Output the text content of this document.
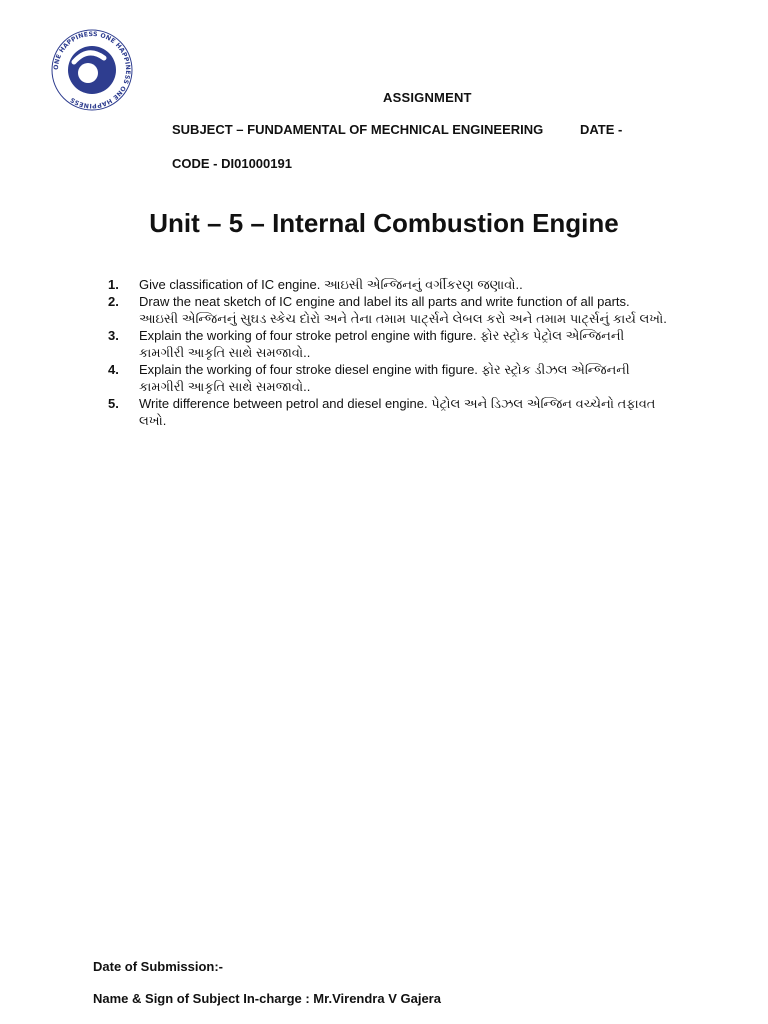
ONE HAPPINESS ONE HAPPINESS ONE HAPPINESS	ASSIGNMENT
SUBJECT – FUNDAMENTAL OF MECHNICAL ENGINEERING	DATE -
CODE - DI01000191
Unit – 5 – Internal Combustion Engine
1.	Give classification of IC engine. આઇસી એન્જિનનું વર્ગીકરણ જણાવો..
2.	Draw the neat sketch of IC engine and label its all parts and write function of all parts. આઇસી એન્જિનનું સુઘડ સ્કેચ દોરો અને તેના તમામ પાર્ટ્સને લેબલ કરો અને તમામ પાર્ટ્સનું કાર્ય લખો.
3.	Explain the working of four stroke petrol engine with figure. ફોર સ્ટ્રોક પેટ્રોલ એન્જિનની કામગીરી આકૃતિ સાથે સમજાવો..
4.	Explain the working of four stroke diesel engine with figure. ફોર સ્ટ્રોક ડીઝલ એન્જિનની કામગીરી આકૃતિ સાથે સમજાવો..
5.	Write difference between petrol and diesel engine. પેટ્રોલ અને ડિઝલ એન્જિન વચ્ચેનો તફાવત લખો.
Date of Submission:-
Name & Sign of Subject In-charge : Mr.Virendra V Gajera
